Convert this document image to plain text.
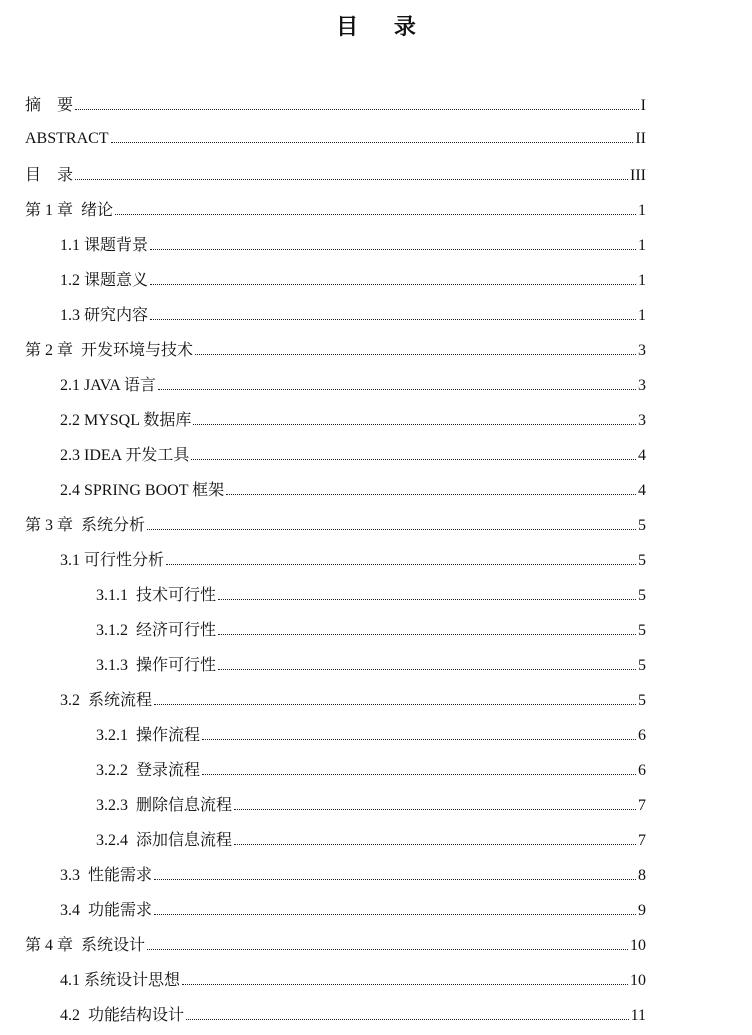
目 录
摘　要	I
ABSTRACT	II
目　录	III
第 1 章  绪论	1
1.1 课题背景	1
1.2 课题意义	1
1.3 研究内容	1
第 2 章  开发环境与技术	3
2.1 JAVA 语言	3
2.2 MYSQL 数据库	3
2.3 IDEA 开发工具	4
2.4 SPRING BOOT 框架	4
第 3 章  系统分析	5
3.1 可行性分析	5
3.1.1  技术可行性	5
3.1.2  经济可行性	5
3.1.3  操作可行性	5
3.2  系统流程	5
3.2.1  操作流程	6
3.2.2  登录流程	6
3.2.3  删除信息流程	7
3.2.4  添加信息流程	7
3.3  性能需求	8
3.4  功能需求	9
第 4 章  系统设计	10
4.1 系统设计思想	10
4.2  功能结构设计	11
